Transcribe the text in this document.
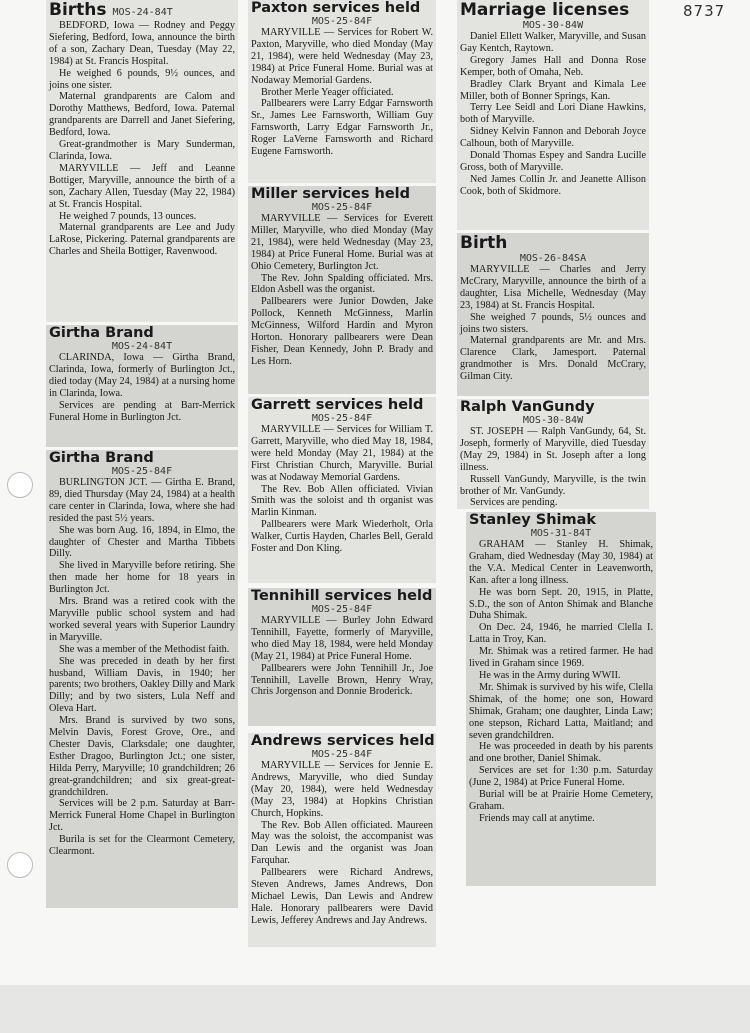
8737
Births MOS-24-84T

BEDFORD, Iowa — Rodney and Peggy Siefering, Bedford, Iowa, announce the birth of a son, Zachary Dean, Tuesday (May 22, 1984) at St. Francis Hospital.

He weighed 6 pounds, 9½ ounces, and joins one sister.

Maternal grandparents are Calom and Dorothy Matthews, Bedford, Iowa. Paternal grandparents are Darrell and Janet Siefering, Bedford, Iowa.

Great-grandmother is Mary Sunderman, Clarinda, Iowa.

MARYVILLE — Jeff and Leanne Bottiger, Maryville, announce the birth of a son, Zachary Allen, Tuesday (May 22, 1984) at St. Francis Hospital.

He weighed 7 pounds, 13 ounces.

Maternal grandparents are Lee and Judy LaRose, Pickering. Paternal grandparents are Charles and Sheila Bottiger, Ravenwood.

Girtha Brand
MOS-24-84T

CLARINDA, Iowa — Girtha Brand, Clarinda, Iowa, formerly of Burlington Jct., died today (May 24, 1984) at a nursing home in Clarinda, Iowa.

Services are pending at Barr-Merrick Funeral Home in Burlington Jct.

Girtha Brand
MOS-25-84F

BURLINGTON JCT. — Girtha E. Brand, 89, died Thursday (May 24, 1984) at a health care center in Clarinda, Iowa, where she had resided the past 5½ years.

She was born Aug. 16, 1894, in Elmo, the daughter of Chester and Martha Tibbets Dilly.

She lived in Maryville before retiring. She then made her home for 18 years in Burlington Jct.

Mrs. Brand was a retired cook with the Maryville public school system and had worked several years with Superior Laundry in Maryville.

She was a member of the Methodist faith.

She was preceded in death by her first husband, William Davis, in 1940; her parents; two brothers, Oakley Dilly and Mark Dilly; and by two sisters, Lula Neff and Oleva Hart.

Mrs. Brand is survived by two sons, Melvin Davis, Forest Grove, Ore., and Chester Davis, Clarksdale; one daughter, Esther Dragoo, Burlington Jct.; one sister, Hilda Perry, Maryville; 10 grandchildren; 26 great-grandchildren; and six great-great-grandchildren.

Services will be 2 p.m. Saturday at Barr-Merrick Funeral Home Chapel in Burlington Jct.

Burila is set for the Clearmont Cemetery, Clearmont.

Paxton services held
MOS-25-84F

MARYVILLE — Services for Robert W. Paxton, Maryville, who died Monday (May 21, 1984), were held Wednesday (May 23, 1984) at Price Funeral Home. Burial was at Nodaway Memorial Gardens.

Brother Merle Yeager officiated.

Pallbearers were Larry Edgar Farnsworth Sr., James Lee Farnsworth, William Guy Farnsworth, Larry Edgar Farnsworth Jr., Roger LaVerne Farnsworth and Richard Eugene Farnsworth.

Miller services held
MOS-25-84F

MARYVILLE — Services for Everett Miller, Maryville, who died Monday (May 21, 1984), were held Wednesday (May 23, 1984) at Price Funeral Home. Burial was at Ohio Cemetery, Burlington Jct.

The Rev. John Spalding officiated. Mrs. Eldon Asbell was the organist.

Pallbearers were Junior Dowden, Jake Pollock, Kenneth McGinness, Marlin McGinness, Wilford Hardin and Myron Horton. Honorary pallbearers were Dean Fisher, Dean Kennedy, John P. Brady and Les Horn.

Garrett services held
MOS-25-84F

MARYVILLE — Services for William T. Garrett, Maryville, who died May 18, 1984, were held Monday (May 21, 1984) at the First Christian Church, Maryville. Burial was at Nodaway Memorial Gardens.

The Rev. Bob Allen officiated. Vivian Smith was the soloist and th organist was Marlin Kinman.

Pallbearers were Mark Wiederholt, Orla Walker, Curtis Hayden, Charles Bell, Gerald Foster and Don Kling.

Tennihill services held
MOS-25-84F

MARYVILLE — Burley John Edward Tennihill, Fayette, formerly of Maryville, who died May 18, 1984, were held Monday (May 21, 1984) at Price Funeral Home.

Pallbearers were John Tennihill Jr., Joe Tennihill, Lavelle Brown, Henry Wray, Chris Jorgenson and Donnie Broderick.

Andrews services held
MOS-25-84F

MARYVILLE — Services for Jennie E. Andrews, Maryville, who died Sunday (May 20, 1984), were held Wednesday (May 23, 1984) at Hopkins Christian Church, Hopkins.

The Rev. Bob Allen officiated. Maureen May was the soloist, the accompanist was Dan Lewis and the organist was Joan Farquhar.

Pallbearers were Richard Andrews, Steven Andrews, James Andrews, Don Michael Lewis, Dan Lewis and Andrew Hale. Honorary pallbearers were David Lewis, Jefferey Andrews and Jay Andrews.

Marriage licenses
MOS-30-84W

Daniel Ellett Walker, Maryville, and Susan Gay Kentch, Raytown.

Gregory James Hall and Donna Rose Kemper, both of Omaha, Neb.

Bradley Clark Bryant and Kimala Lee Miller, both of Bonner Springs, Kan.

Terry Lee Seidl and Lori Diane Hawkins, both of Maryville.

Sidney Kelvin Fannon and Deborah Joyce Calhoun, both of Maryville.

Donald Thomas Espey and Sandra Lucille Gross, both of Maryville.

Ned James Collin Jr. and Jeanette Allison Cook, both of Skidmore.

Birth
MOS-26-84SA

MARYVILLE — Charles and Jerry McCrary, Maryville, announce the birth of a daughter, Lisa Michelle, Wednesday (May 23, 1984) at St. Francis Hospital.

She weighed 7 pounds, 5½ ounces and joins two sisters.

Maternal grandparents are Mr. and Mrs. Clarence Clark, Jamesport. Paternal grandmother is Mrs. Donald McCrary, Gilman City.

Ralph VanGundy
MOS-30-84W

ST. JOSEPH — Ralph VanGundy, 64, St. Joseph, formerly of Maryville, died Tuesday (May 29, 1984) in St. Joseph after a long illness.

Russell VanGundy, Maryville, is the twin brother of Mr. VanGundy.

Services are pending.

Stanley Shimak
MOS-31-84T

GRAHAM — Stanley H. Shimak, Graham, died Wednesday (May 30, 1984) at the V.A. Medical Center in Leavenworth, Kan. after a long illness.

He was born Sept. 20, 1915, in Platte, S.D., the son of Anton Shimak and Blanche Duha Shimak.

On Dec. 24, 1946, he married Clella I. Latta in Troy, Kan.

Mr. Shimak was a retired farmer. He had lived in Graham since 1969.

He was in the Army during WWII.

Mr. Shimak is survived by his wife, Clella Shimak, of the home; one son, Howard Shimak, Graham; one daughter, Linda Law; one stepson, Richard Latta, Maitland; and seven grandchildren.

He was proceeded in death by his parents and one brother, Daniel Shimak.

Services are set for 1:30 p.m. Saturday (June 2, 1984) at Price Funeral Home.

Burial will be at Prairie Home Cemetery, Graham.

Friends may call at anytime.
